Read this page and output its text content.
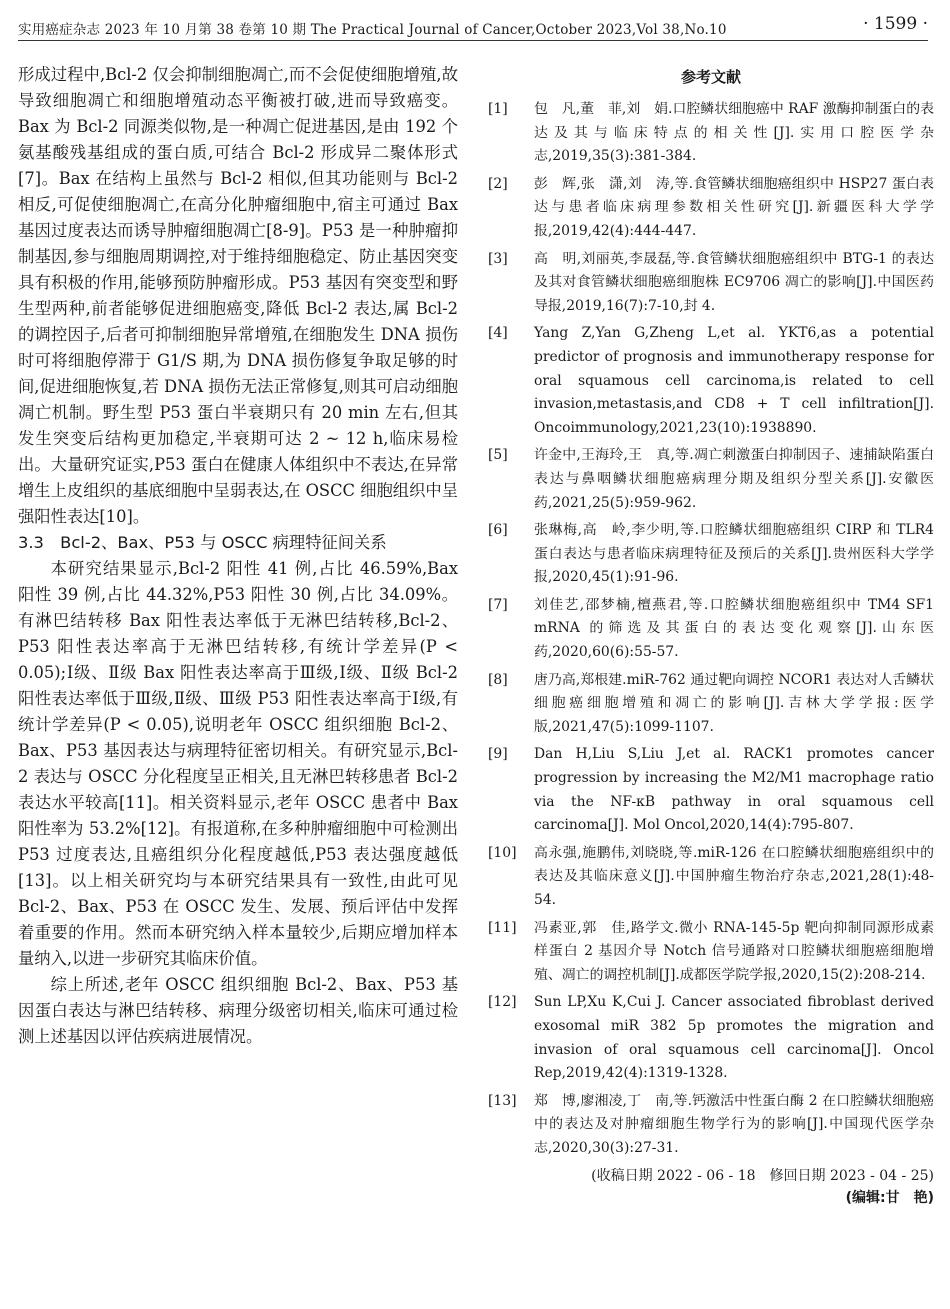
实用癌症杂志 2023 年 10 月第 38 卷第 10 期 The Practical Journal of Cancer,October 2023,Vol 38,No.10	· 1599 ·

形成过程中,Bcl-2 仅会抑制细胞凋亡,而不会促使细胞增殖,故导致细胞凋亡和细胞增殖动态平衡被打破,进而导致癌变。Bax 为 Bcl-2 同源类似物,是一种凋亡促进基因,是由 192 个氨基酸残基组成的蛋白质,可结合 Bcl-2 形成异二聚体形式[7]。Bax 在结构上虽然与 Bcl-2 相似,但其功能则与 Bcl-2 相反,可促使细胞凋亡,在高分化肿瘤细胞中,宿主可通过 Bax 基因过度表达而诱导肿瘤细胞凋亡[8-9]。P53 是一种肿瘤抑制基因,参与细胞周期调控,对于维持细胞稳定、防止基因突变具有积极的作用,能够预防肿瘤形成。P53 基因有突变型和野生型两种,前者能够促进细胞癌变,降低 Bcl-2 表达,属 Bcl-2 的调控因子,后者可抑制细胞异常增殖,在细胞发生 DNA 损伤时可将细胞停滞于 G1/S 期,为 DNA 损伤修复争取足够的时间,促进细胞恢复,若 DNA 损伤无法正常修复,则其可启动细胞凋亡机制。野生型 P53 蛋白半衰期只有 20 min 左右,但其发生突变后结构更加稳定,半衰期可达 2 ~ 12 h,临床易检出。大量研究证实,P53 蛋白在健康人体组织中不表达,在异常增生上皮组织的基底细胞中呈弱表达,在 OSCC 细胞组织中呈强阳性表达[10]。

3.3　Bcl-2、Bax、P53 与 OSCC 病理特征间关系

本研究结果显示,Bcl-2 阳性 41 例,占比 46.59%,Bax 阳性 39 例,占比 44.32%,P53 阳性 30 例,占比 34.09%。有淋巴结转移 Bax 阳性表达率低于无淋巴结转移,Bcl-2、P53 阳性表达率高于无淋巴结转移,有统计学差异(P < 0.05);Ⅰ级、Ⅱ级 Bax 阳性表达率高于Ⅲ级,Ⅰ级、Ⅱ级 Bcl-2 阳性表达率低于Ⅲ级,Ⅱ级、Ⅲ级 P53 阳性表达率高于Ⅰ级,有统计学差异(P < 0.05),说明老年 OSCC 组织细胞 Bcl-2、Bax、P53 基因表达与病理特征密切相关。有研究显示,Bcl-2 表达与 OSCC 分化程度呈正相关,且无淋巴转移患者 Bcl-2 表达水平较高[11]。相关资料显示,老年 OSCC 患者中 Bax 阳性率为 53.2%[12]。有报道称,在多种肿瘤细胞中可检测出 P53 过度表达,且癌组织分化程度越低,P53 表达强度越低[13]。以上相关研究均与本研究结果具有一致性,由此可见 Bcl-2、Bax、P53 在 OSCC 发生、发展、预后评估中发挥着重要的作用。然而本研究纳入样本量较少,后期应增加样本量纳入,以进一步研究其临床价值。

综上所述,老年 OSCC 组织细胞 Bcl-2、Bax、P53 基因蛋白表达与淋巴结转移、病理分级密切相关,临床可通过检测上述基因以评估疾病进展情况。

参考文献
[1]	包　凡,董　菲,刘　娟.口腔鳞状细胞癌中 RAF 激酶抑制蛋白的表达及其与临床特点的相关性[J].实用口腔医学杂志,2019,35(3):381-384.
[2]	彭　辉,张　潇,刘　涛,等.食管鳞状细胞癌组织中 HSP27 蛋白表达与患者临床病理参数相关性研究[J].新疆医科大学学报,2019,42(4):444-447.
[3]	高　明,刘丽英,李晟磊,等.食管鳞状细胞癌组织中 BTG-1 的表达及其对食管鳞状细胞癌细胞株 EC9706 凋亡的影响[J].中国医药导报,2019,16(7):7-10,封 4.
[4]	Yang Z,Yan G,Zheng L,et al. YKT6,as a potential predictor of prognosis and immunotherapy response for oral squamous cell carcinoma,is related to cell invasion,metastasis,and CD8 + T cell infiltration[J]. Oncoimmunology,2021,23(10):1938890.
[5]	许金中,王海玲,王　真,等.凋亡刺激蛋白抑制因子、速捕缺陷蛋白表达与鼻咽鳞状细胞癌病理分期及组织分型关系[J].安徽医药,2021,25(5):959-962.
[6]	张琳梅,高　岭,李少明,等.口腔鳞状细胞癌组织 CIRP 和 TLR4 蛋白表达与患者临床病理特征及预后的关系[J].贵州医科大学学报,2020,45(1):91-96.
[7]	刘佳艺,邵梦楠,檀燕君,等.口腔鳞状细胞癌组织中 TM4 SF1 mRNA 的筛选及其蛋白的表达变化观察[J].山东医药,2020,60(6):55-57.
[8]	唐乃高,郑根建.miR-762 通过靶向调控 NCOR1 表达对人舌鳞状细胞癌细胞增殖和凋亡的影响[J].吉林大学学报:医学版,2021,47(5):1099-1107.
[9]	Dan H,Liu S,Liu J,et al. RACK1 promotes cancer progression by increasing the M2/M1 macrophage ratio via the NF-κB pathway in oral squamous cell carcinoma[J]. Mol Oncol,2020,14(4):795-807.
[10]	高永强,施鹏伟,刘晓晓,等.miR-126 在口腔鳞状细胞癌组织中的表达及其临床意义[J].中国肿瘤生物治疗杂志,2021,28(1):48-54.
[11]	冯素亚,郭　佳,路学文.微小 RNA-145-5p 靶向抑制同源形成素样蛋白 2 基因介导 Notch 信号通路对口腔鳞状细胞癌细胞增殖、凋亡的调控机制[J].成都医学院学报,2020,15(2):208-214.
[12]	Sun LP,Xu K,Cui J. Cancer associated fibroblast derived exosomal miR 382 5p promotes the migration and invasion of oral squamous cell carcinoma[J]. Oncol Rep,2019,42(4):1319-1328.
[13]	郑　博,廖湘凌,丁　南,等.钙激活中性蛋白酶 2 在口腔鳞状细胞癌中的表达及对肿瘤细胞生物学行为的影响[J].中国现代医学杂志,2020,30(3):27-31.
(收稿日期 2022 - 06 - 18　修回日期 2023 - 04 - 25)
(编辑:甘　艳)
